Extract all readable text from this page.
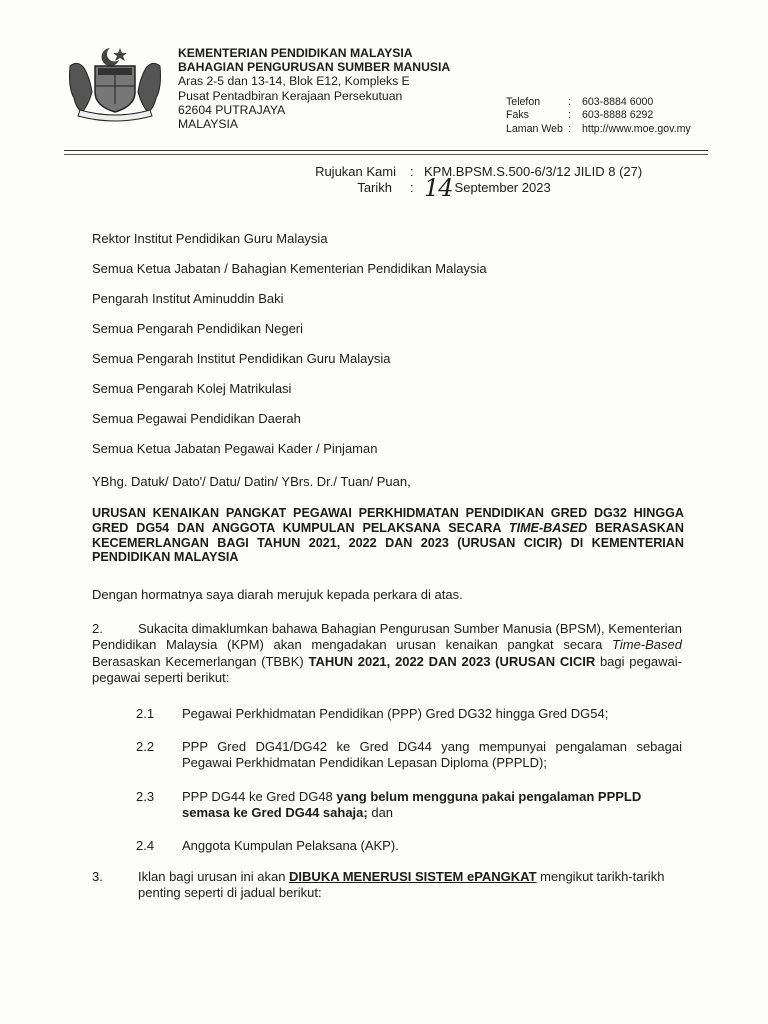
KEMENTERIAN PENDIDIKAN MALAYSIA
BAHAGIAN PENGURUSAN SUMBER MANUSIA
Aras 2-5 dan 13-14, Blok E12, Kompleks E
Pusat Pentadbiran Kerajaan Persekutuan
62604 PUTRAJAYA
MALAYSIA
Telefon	:	603-8884 6000
Faks	:	603-8888 6292
Laman Web :	http://www.moe.gov.my
Rujukan Kami	: KPM.BPSM.S.500-6/3/12 JILID 8 (27)
Tarikh	: 14 September 2023
Rektor Institut Pendidikan Guru Malaysia
Semua Ketua Jabatan / Bahagian Kementerian Pendidikan Malaysia
Pengarah Institut Aminuddin Baki
Semua Pengarah Pendidikan Negeri
Semua Pengarah Institut Pendidikan Guru Malaysia
Semua Pengarah Kolej Matrikulasi
Semua Pegawai Pendidikan Daerah
Semua Ketua Jabatan Pegawai Kader / Pinjaman
YBhg. Datuk/ Dato'/ Datu/ Datin/ YBrs. Dr./ Tuan/ Puan,
URUSAN KENAIKAN PANGKAT PEGAWAI PERKHIDMATAN PENDIDIKAN GRED DG32 HINGGA GRED DG54 DAN ANGGOTA KUMPULAN PELAKSANA SECARA TIME-BASED BERASASKAN KECEMERLANGAN BAGI TAHUN 2021, 2022 DAN 2023 (URUSAN CICIR) DI KEMENTERIAN PENDIDIKAN MALAYSIA
Dengan hormatnya saya diarah merujuk kepada perkara di atas.
2.	Sukacita dimaklumkan bahawa Bahagian Pengurusan Sumber Manusia (BPSM), Kementerian Pendidikan Malaysia (KPM) akan mengadakan urusan kenaikan pangkat secara Time-Based Berasaskan Kecemerlangan (TBBK) TAHUN 2021, 2022 DAN 2023 (URUSAN CICIR bagi pegawai-pegawai seperti berikut:
2.1	Pegawai Perkhidmatan Pendidikan (PPP) Gred DG32 hingga Gred DG54;
2.2	PPP Gred DG41/DG42 ke Gred DG44 yang mempunyai pengalaman sebagai Pegawai Perkhidmatan Pendidikan Lepasan Diploma (PPPLD);
2.3	PPP DG44 ke Gred DG48 yang belum mengguna pakai pengalaman PPPLD semasa ke Gred DG44 sahaja; dan
2.4	Anggota Kumpulan Pelaksana (AKP).
3.	Iklan bagi urusan ini akan DIBUKA MENERUSI SISTEM ePANGKAT mengikut tarikh-tarikh penting seperti di jadual berikut:
